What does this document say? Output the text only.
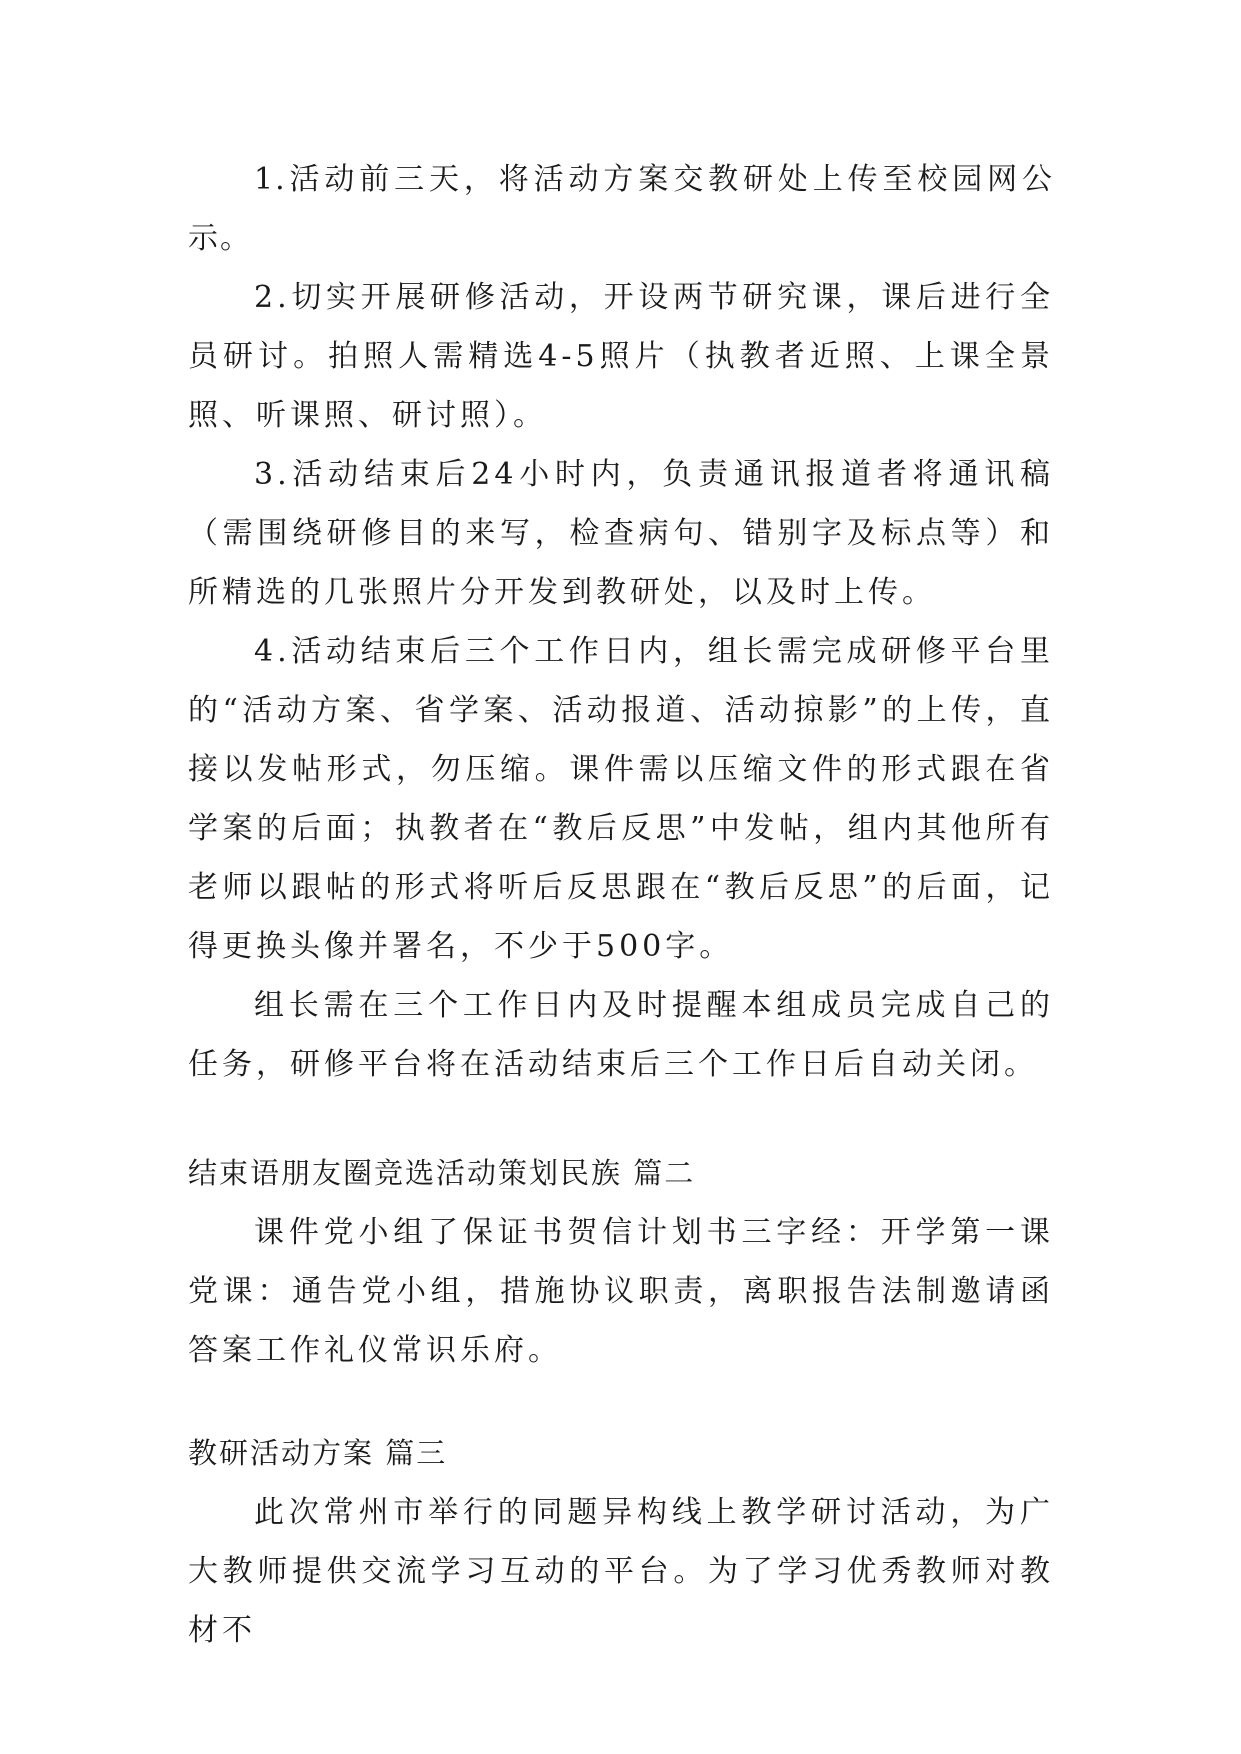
1.活动前三天，将活动方案交教研处上传至校园网公示。

2.切实开展研修活动，开设两节研究课，课后进行全员研讨。拍照人需精选4-5照片（执教者近照、上课全景照、听课照、研讨照）。

3.活动结束后24小时内，负责通讯报道者将通讯稿（需围绕研修目的来写，检查病句、错别字及标点等）和所精选的几张照片分开发到教研处，以及时上传。

4.活动结束后三个工作日内，组长需完成研修平台里的“活动方案、省学案、活动报道、活动掠影”的上传，直接以发帖形式，勿压缩。课件需以压缩文件的形式跟在省学案的后面；执教者在“教后反思”中发帖，组内其他所有老师以跟帖的形式将听后反思跟在“教后反思”的后面，记得更换头像并署名，不少于500字。

组长需在三个工作日内及时提醒本组成员完成自己的任务，研修平台将在活动结束后三个工作日后自动关闭。

结束语朋友圈竞选活动策划民族 篇二

课件党小组了保证书贺信计划书三字经：开学第一课党课：通告党小组，措施协议职责，离职报告法制邀请函答案工作礼仪常识乐府。

教研活动方案 篇三

此次常州市举行的同题异构线上教学研讨活动，为广大教师提供交流学习互动的平台。为了学习优秀教师对教材不
